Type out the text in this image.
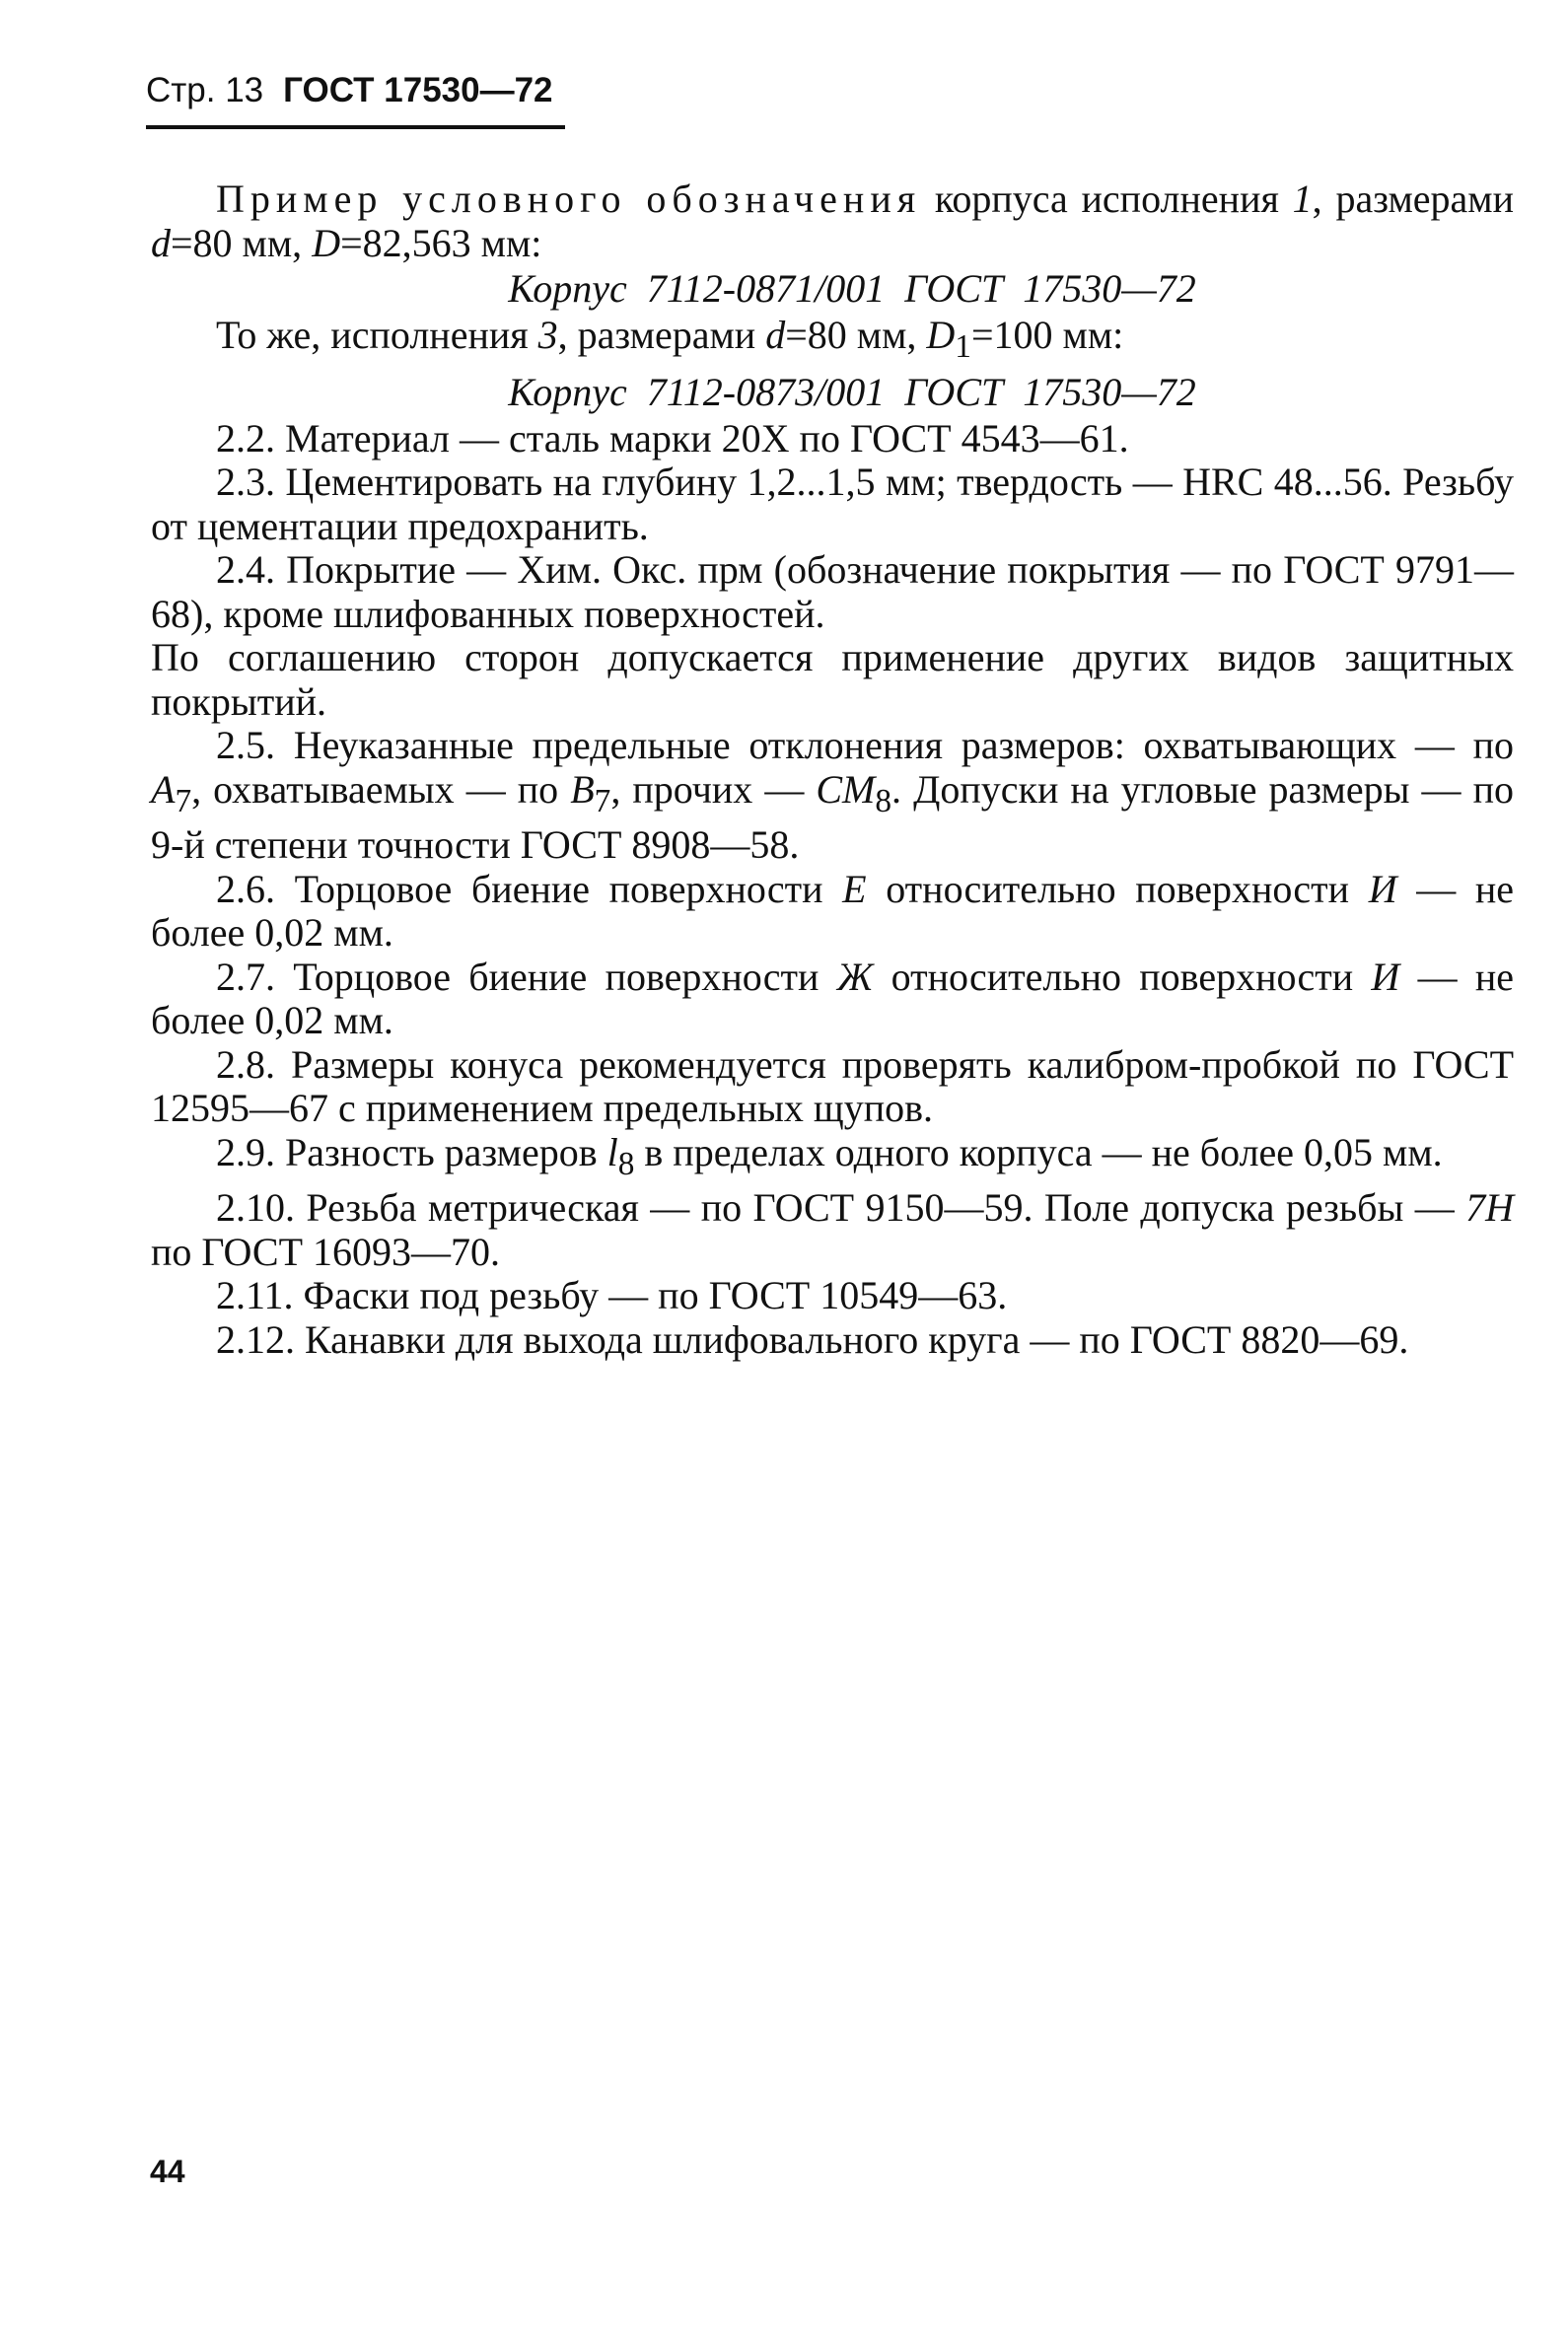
Стр. 13 ГОСТ 17530—72
Пример условного обозначения корпуса исполнения 1, размерами d=80 мм, D=82,563 мм:
Корпус 7112-0871/001 ГОСТ 17530—72
То же, исполнения 3, размерами d=80 мм, $D_1=100$ мм:
Корпус 7112-0873/001 ГОСТ 17530—72
2.2. Материал — сталь марки 20Х по ГОСТ 4543—61.
2.3. Цементировать на глубину 1,2...1,5 мм; твердость — HRC 48...56. Резьбу от цементации предохранить.
2.4. Покрытие — Хим. Окс. прм (обозначение покрытия — по ГОСТ 9791—68), кроме шлифованных поверхностей.
По соглашению сторон допускается применение других видов защитных покрытий.
2.5. Неуказанные предельные отклонения размеров: охватывающих — по $A_7$, охватываемых — по $B_7$, прочих — $CM_8$. Допуски на угловые размеры — по 9-й степени точности ГОСТ 8908—58.
2.6. Торцовое биение поверхности Е относительно поверхности И — не более 0,02 мм.
2.7. Торцовое биение поверхности Ж относительно поверхности И — не более 0,02 мм.
2.8. Размеры конуса рекомендуется проверять калибром-пробкой по ГОСТ 12595—67 с применением предельных щупов.
2.9. Разность размеров $l_8$ в пределах одного корпуса — не более 0,05 мм.
2.10. Резьба метрическая — по ГОСТ 9150—59. Поле допуска резьбы — 7H по ГОСТ 16093—70.
2.11. Фаски под резьбу — по ГОСТ 10549—63.
2.12. Канавки для выхода шлифовального круга — по ГОСТ 8820—69.
44
